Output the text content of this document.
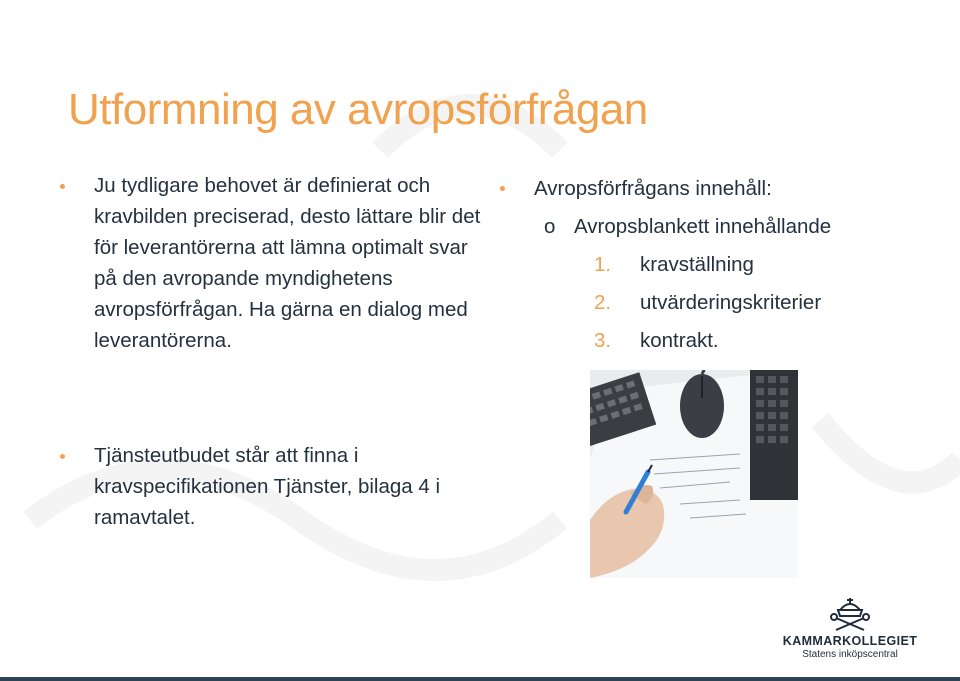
Utformning av avropsförfrågan
Ju tydligare behovet är definierat och kravbilden preciserad, desto lättare blir det för leverantörerna att lämna optimalt svar på den avropande myndighetens avropsförfrågan. Ha gärna en dialog med leverantörerna.
Tjänsteutbudet står att finna i kravspecifikationen Tjänster, bilaga 4 i ramavtalet.
Avropsförfrågans innehåll:
o Avropsblankett innehållande
1. kravställning
2. utvärderingskriterier
3. kontrakt.
KAMMARKOLLEGIET
Statens inköpscentral
